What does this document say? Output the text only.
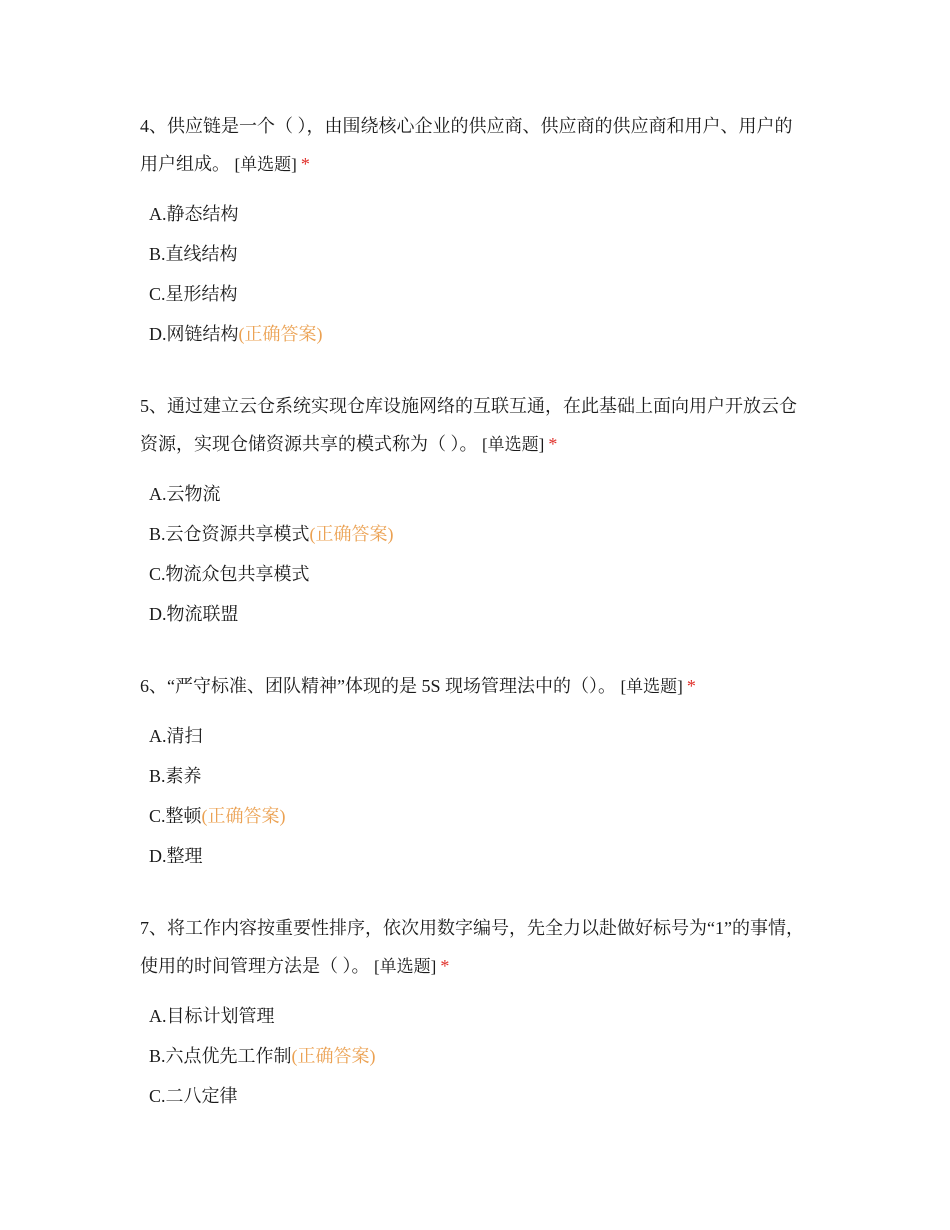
4、供应链是一个（ ），由围绕核心企业的供应商、供应商的供应商和用户、用户的用户组成。 [单选题] *

A.静态结构
B.直线结构
C.星形结构
D.网链结构(正确答案)

5、通过建立云仓系统实现仓库设施网络的互联互通，在此基础上面向用户开放云仓资源，实现仓储资源共享的模式称为（ ）。 [单选题] *

A.云物流
B.云仓资源共享模式(正确答案)
C.物流众包共享模式
D.物流联盟

6、“严守标准、团队精神”体现的是 5S 现场管理法中的（）。 [单选题] *

A.清扫
B.素养
C.整顿(正确答案)
D.整理

7、将工作内容按重要性排序，依次用数字编号，先全力以赴做好标号为“1”的事情，使用的时间管理方法是（ ）。 [单选题] *

A.目标计划管理
B.六点优先工作制(正确答案)
C.二八定律
